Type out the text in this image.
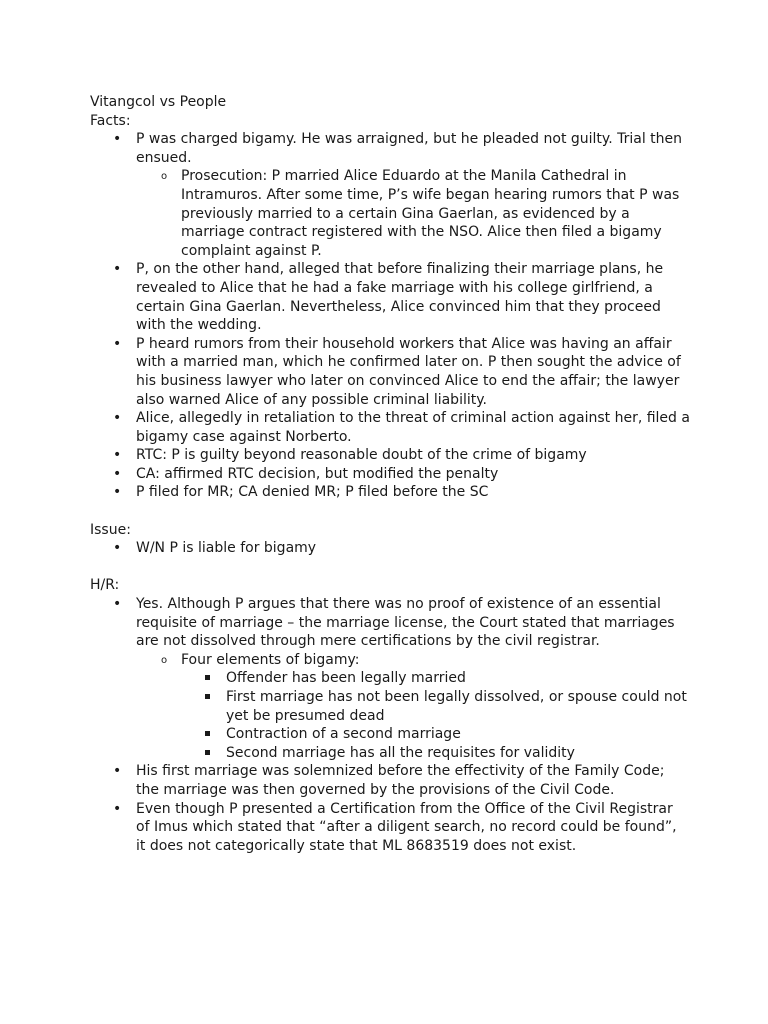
Vitangcol vs People
Facts:
• P was charged bigamy. He was arraigned, but he pleaded not guilty. Trial then ensued.
o Prosecution: P married Alice Eduardo at the Manila Cathedral in Intramuros. After some time, P’s wife began hearing rumors that P was previously married to a certain Gina Gaerlan, as evidenced by a marriage contract registered with the NSO. Alice then filed a bigamy complaint against P.
• P, on the other hand, alleged that before finalizing their marriage plans, he revealed to Alice that he had a fake marriage with his college girlfriend, a certain Gina Gaerlan. Nevertheless, Alice convinced him that they proceed with the wedding.
• P heard rumors from their household workers that Alice was having an affair with a married man, which he confirmed later on. P then sought the advice of his business lawyer who later on convinced Alice to end the affair; the lawyer also warned Alice of any possible criminal liability.
• Alice, allegedly in retaliation to the threat of criminal action against her, filed a bigamy case against Norberto.
• RTC: P is guilty beyond reasonable doubt of the crime of bigamy
• CA: affirmed RTC decision, but modified the penalty
• P filed for MR; CA denied MR; P filed before the SC
Issue:
• W/N P is liable for bigamy
H/R:
• Yes. Although P argues that there was no proof of existence of an essential requisite of marriage – the marriage license, the Court stated that marriages are not dissolved through mere certifications by the civil registrar.
o Four elements of bigamy:
Offender has been legally married
First marriage has not been legally dissolved, or spouse could not yet be presumed dead
Contraction of a second marriage
Second marriage has all the requisites for validity
• His first marriage was solemnized before the effectivity of the Family Code; the marriage was then governed by the provisions of the Civil Code.
• Even though P presented a Certification from the Office of the Civil Registrar of Imus which stated that “after a diligent search, no record could be found”, it does not categorically state that ML 8683519 does not exist.
